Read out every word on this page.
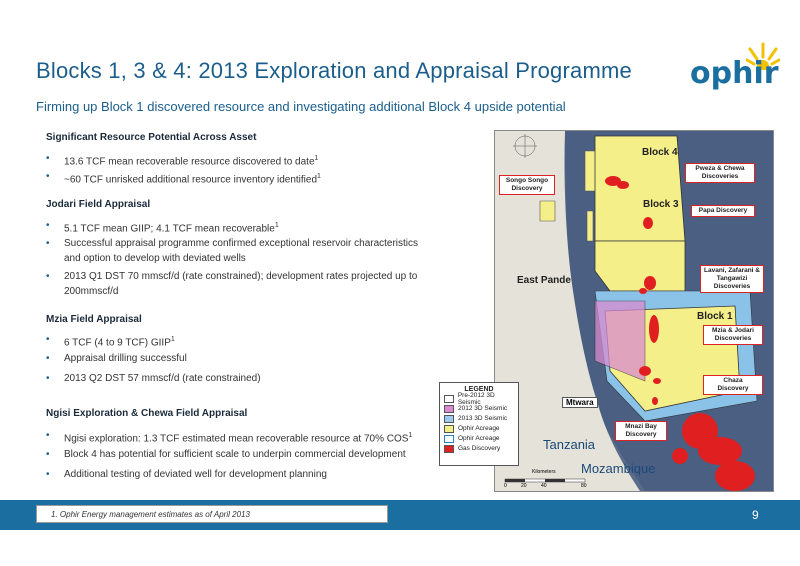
Blocks 1, 3 & 4: 2013 Exploration and Appraisal Programme
Firming up Block 1 discovered resource and investigating additional Block 4 upside potential
ophir
Significant Resource Potential Across Asset
• 13.6 TCF mean recoverable resource discovered to date$^1$
• ~60 TCF unrisked additional resource inventory identified$^1$
Jodari Field Appraisal
• 5.1 TCF mean GIIP; 4.1 TCF mean recoverable$^1$
• Successful appraisal programme confirmed exceptional reservoir characteristics and option to develop with deviated wells
• 2013 Q1 DST 70 mmscf/d (rate constrained); development rates projected up to 200mmscf/d
Mzia Field Appraisal
• 6 TCF (4 to 9 TCF) GIIP$^1$
• Appraisal drilling successful
• 2013 Q2 DST 57 mmscf/d (rate constrained)
Ngisi Exploration & Chewa Field Appraisal
• Ngisi exploration: 1.3 TCF estimated mean recoverable resource at 70% COS$^1$
• Block 4 has potential for sufficient scale to underpin commercial development
• Additional testing of deviated well for development planning
Block 4
Block 3
Block 1
East Pande
Tanzania
Mozambique
Songo Songo Discovery
Pweza & Chewa Discoveries
Papa Discovery
Lavani, Zafarani & Tangawizi Discoveries
Mzia & Jodari Discoveries
Chaza Discovery
Mnazi Bay Discovery
Kilometers
0	20	40	80
Mtwara
LEGEND
Pre-2012 3D Seismic
2012 3D Seismic
2013 3D Seismic
Ophir Acreage
Ophir Acreage
Gas Discovery
1. Ophir Energy management estimates as of April 2013	9
